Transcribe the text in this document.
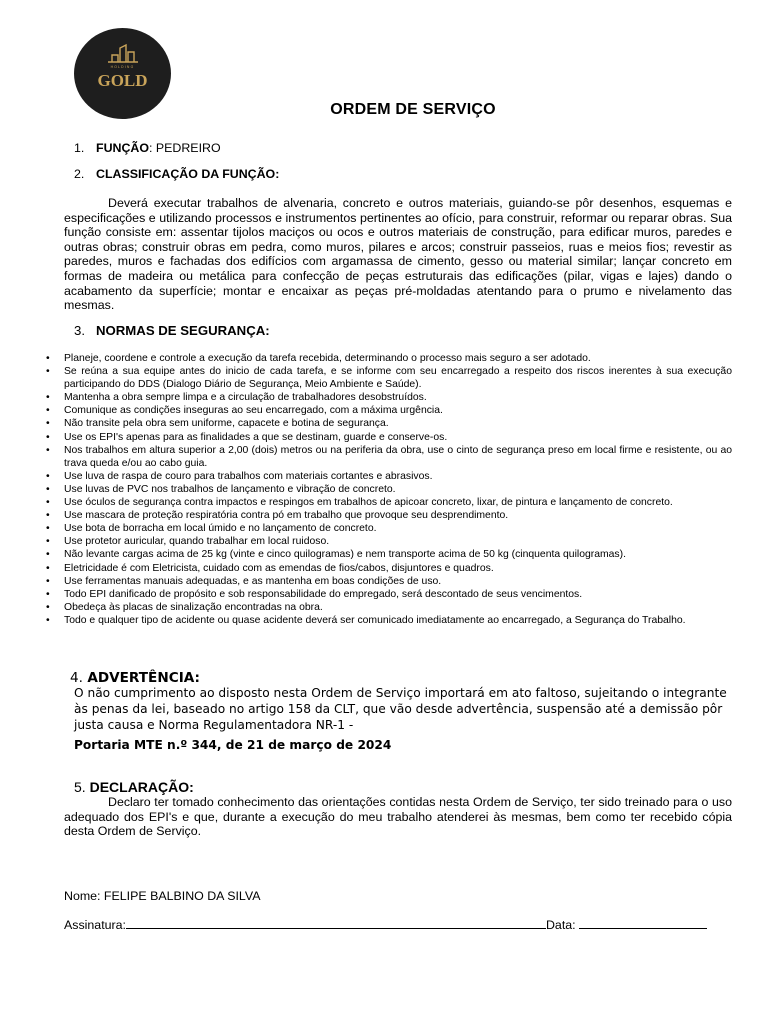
HOLDING
GOLD
ORDEM DE SERVIÇO
1. FUNÇÃO: PEDREIRO
2. CLASSIFICAÇÃO DA FUNÇÃO:
Deverá executar trabalhos de alvenaria, concreto e outros materiais, guiando-se pôr desenhos, esquemas e especificações e utilizando processos e instrumentos pertinentes ao ofício, para construir, reformar ou reparar obras. Sua função consiste em: assentar tijolos maciços ou ocos e outros materiais de construção, para edificar muros, paredes e outras obras; construir obras em pedra, como muros, pilares e arcos; construir passeios, ruas e meios fios; revestir as paredes, muros e fachadas dos edifícios com argamassa de cimento, gesso ou material similar; lançar concreto em formas de madeira ou metálica para confecção de peças estruturais das edificações (pilar, vigas e lajes) dando o acabamento da superfície; montar e encaixar as peças pré-moldadas atentando para o prumo e nivelamento das mesmas.
3. NORMAS DE SEGURANÇA:
• Planeje, coordene e controle a execução da tarefa recebida, determinando o processo mais seguro a ser adotado.
• Se reúna a sua equipe antes do inicio de cada tarefa, e se informe com seu encarregado a respeito dos riscos inerentes à sua execução participando do DDS (Dialogo Diário de Segurança, Meio Ambiente e Saúde).
• Mantenha a obra sempre limpa e a circulação de trabalhadores desobstruídos.
• Comunique as condições inseguras ao seu encarregado, com a máxima urgência.
• Não transite pela obra sem uniforme, capacete e botina de segurança.
• Use os EPI's apenas para as finalidades a que se destinam, guarde e conserve-os.
• Nos trabalhos em altura superior a 2,00 (dois) metros ou na periferia da obra, use o cinto de segurança preso em local firme e resistente, ou ao trava queda e/ou ao cabo guia.
• Use luva de raspa de couro para trabalhos com materiais cortantes e abrasivos.
• Use luvas de PVC nos trabalhos de lançamento e vibração de concreto.
• Use óculos de segurança contra impactos e respingos em trabalhos de apicoar concreto, lixar, de pintura e lançamento de concreto.
• Use mascara de proteção respiratória contra pó em trabalho que provoque seu desprendimento.
• Use bota de borracha em local úmido e no lançamento de concreto.
• Use protetor auricular, quando trabalhar em local ruidoso.
• Não levante cargas acima de 25 kg (vinte e cinco quilogramas) e nem transporte acima de 50 kg (cinquenta quilogramas).
• Eletricidade é com Eletricista, cuidado com as emendas de fios/cabos, disjuntores e quadros.
• Use ferramentas manuais adequadas, e as mantenha em boas condições de uso.
• Todo EPI danificado de propósito e sob responsabilidade do empregado, será descontado de seus vencimentos.
• Obedeça às placas de sinalização encontradas na obra.
• Todo e qualquer tipo de acidente ou quase acidente deverá ser comunicado imediatamente ao encarregado, a Segurança do Trabalho.
4. ADVERTÊNCIA:
O não cumprimento ao disposto nesta Ordem de Serviço importará em ato faltoso, sujeitando o integrante às penas da lei, baseado no artigo 158 da CLT, que vão desde advertência, suspensão até a demissão pôr justa causa e Norma Regulamentadora NR-1 -
Portaria MTE n.º 344, de 21 de março de 2024
5. DECLARAÇÃO:
Declaro ter tomado conhecimento das orientações contidas nesta Ordem de Serviço, ter sido treinado para o uso adequado dos EPI's e que, durante a execução do meu trabalho atenderei às mesmas, bem como ter recebido cópia desta Ordem de Serviço.
Nome: FELIPE BALBINO DA SILVA
Assinatura:	Data:
